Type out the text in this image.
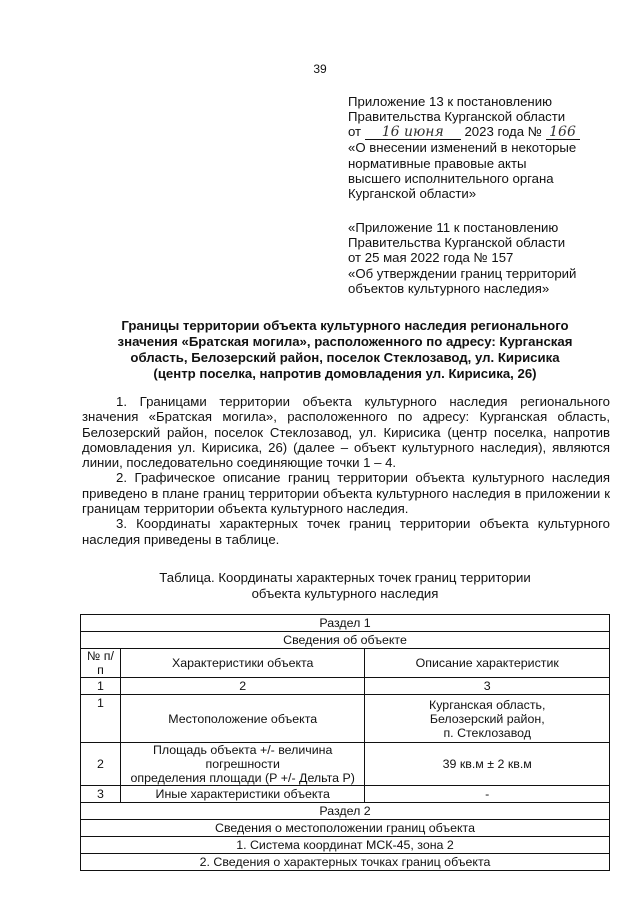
39
Приложение 13 к постановлению
Правительства Курганской области
от 16 июня 2023 года № 166
«О внесении изменений в некоторые
нормативные правовые акты
высшего исполнительного органа
Курганской области»
«Приложение 11 к постановлению
Правительства Курганской области
от 25 мая 2022 года № 157
«Об утверждении границ территорий
объектов культурного наследия»
Границы территории объекта культурного наследия регионального
значения «Братская могила», расположенного по адресу: Курганская
область, Белозерский район, поселок Стеклозавод, ул. Кирисика
(центр поселка, напротив домовладения ул. Кирисика, 26)

1. Границами территории объекта культурного наследия регионального значения «Братская могила», расположенного по адресу: Курганская область, Белозерский район, поселок Стеклозавод, ул. Кирисика (центр поселка, напротив домовладения ул. Кирисика, 26) (далее – объект культурного наследия), являются линии, последовательно соединяющие точки 1 – 4.

2. Графическое описание границ территории объекта культурного наследия приведено в плане границ территории объекта культурного наследия в приложении к границам территории объекта культурного наследия.

3. Координаты характерных точек границ территории объекта культурного наследия приведены в таблице.

Таблица. Координаты характерных точек границ территории
объекта культурного наследия
Раздел 1		
Сведения об объекте		
№ п/п	Характеристики объекта	Описание характеристик
1	2	3
1	Местоположение объекта	Курганская область,
Белозерский район,
п. Стеклозавод

2	Площадь объекта +/- величина погрешности
определения площади (Р +/- Дельта Р)	39 кв.м ± 2 кв.м
3	Иные характеристики объекта	-
Раздел 2		
Сведения о местоположении границ объекта		
1. Система координат МСК-45, зона 2		
2. Сведения о характерных точках границ объекта		
